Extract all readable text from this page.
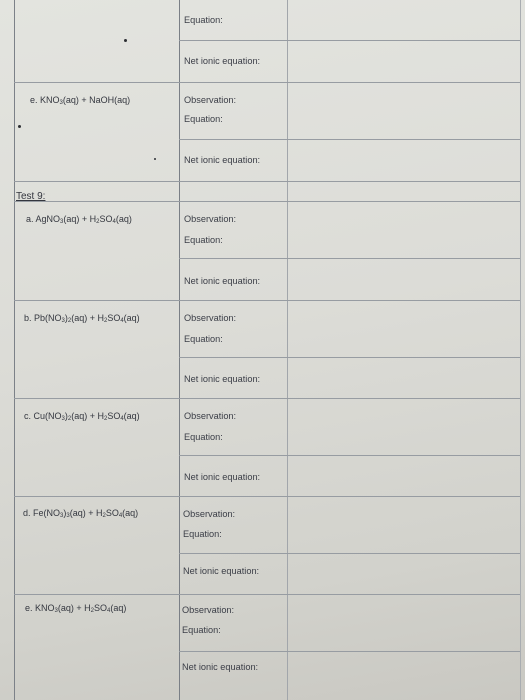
Equation:
Net ionic equation:
e. $KNO_3(aq)$ + NaOH(aq)	Observation:
Equation:
Net ionic equation:
Test 9:
a. AgNO$_3$(aq) + $H_2SO_4(aq)$	Observation:
Equation:
Net ionic equation:
b. $Pb(NO_3)_2(aq) + H_2SO_4(aq)$	Observation:
Equation:
Net ionic equation:
c. $Cu(NO_3)_2(aq) + H_2SO_4(aq)$	Observation:
Equation:
Net ionic equation:
d. $Fe(NO_3)_3(aq) + H_2SO_4(aq)$	Observation:
Equation:
Net ionic equation:
e. $KNO_3(aq) + H_2SO_4(aq)$	Observation:
Equation:
Net ionic equation:
